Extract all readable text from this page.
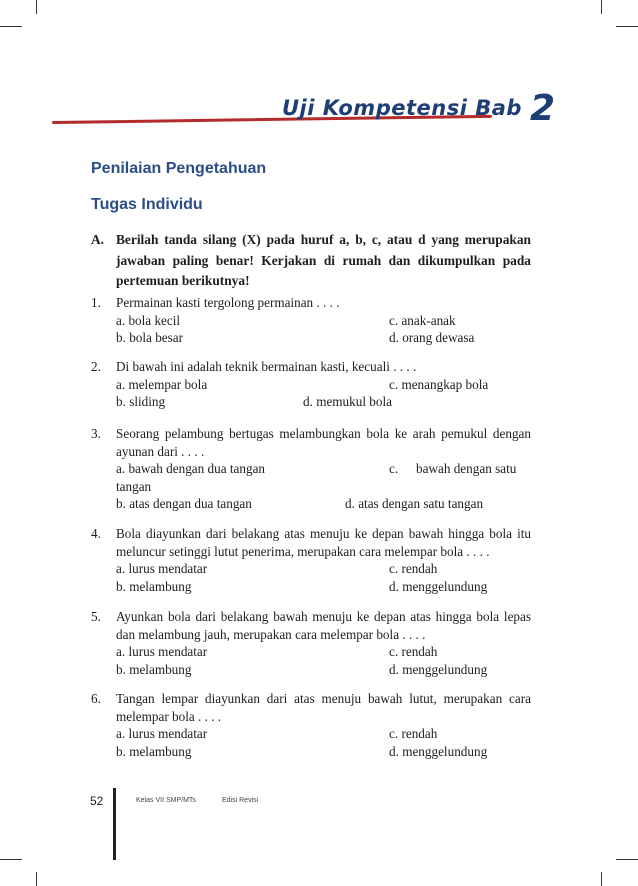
Uji Kompetensi Bab 2
Penilaian Pengetahuan
Tugas Individu
A. Berilah tanda silang (X) pada huruf a, b, c, atau d yang merupakan jawaban paling benar! Kerjakan di rumah dan dikumpulkan pada pertemuan berikutnya!
1. Permainan kasti tergolong permainan . . . .
a. bola kecil	c. anak-anak
b. bola besar	d. orang dewasa
2. Di bawah ini adalah teknik bermainan kasti, kecuali . . . .
a. melempar bola	c. menangkap bola
b. sliding	d. memukul bola
3. Seorang pelambung bertugas melambungkan bola ke arah pemukul dengan ayunan dari . . . .
a. bawah dengan dua tangan	c. bawah dengan satu
tangan
b. atas dengan dua tangan	d. atas dengan satu tangan
4. Bola diayunkan dari belakang atas menuju ke depan bawah hingga bola itu meluncur setinggi lutut penerima, merupakan cara melempar bola . . . .
a. lurus mendatar	c. rendah
b. melambung	d. menggelundung
5. Ayunkan bola dari belakang bawah menuju ke depan atas hingga bola lepas dan melambung jauh, merupakan cara melempar bola . . . .
a. lurus mendatar	c. rendah
b. melambung	d. menggelundung
6. Tangan lempar diayunkan dari atas menuju bawah lutut, merupakan cara melempar bola . . . .
a. lurus mendatar	c. rendah
b. melambung	d. menggelundung
52	Kelas VII SMP/MTs	Edisi Revisi
